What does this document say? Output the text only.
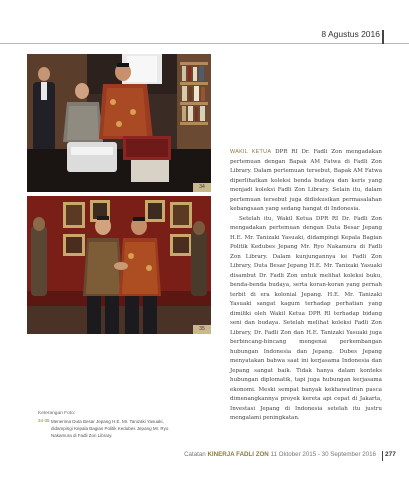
8 Agustus 2016
34
35

WAKIL KETUA DPR RI Dr. Fadli Zon mengadakan pertemuan dengan Bapak AM Fatwa di Fadli Zon Library. Dalam pertemuan tersebut, Bapak AM Fatwa diperlihatkan koleksi benda budaya dan keris yang menjadi koleksi Fadli Zon Library. Selain itu, dalam pertemuan tersebut juga didiskusikan permasalahan kebangsaan yang sedang hangat di Indonesia.

Setelah itu, Wakil Ketua DPR RI Dr. Fadli Zon mengadakan pertemuan dengan Duta Besar Jepang H.E. Mr. Tanizaki Yasuaki, didampingi Kepala Bagian Politik Kedubes Jepang Mr. Ryo Nakamura di Fadli Zon Library. Dalam kunjungannya ke Fadli Zon Library, Duta Besar Jepang H.E. Mr. Tanizaki Yasuaki disambut Dr. Fadli Zon untuk melihat koleksi buku, benda-benda budaya, serta koran-koran yang pernah terbit di era kolonial Jepang. H.E. Mr. Tanizaki Yasuaki sangat kagum terhadap perhatian yang dimiliki oleh Wakil Ketua DPR RI terhadap bidang seni dan budaya. Setelah melihat koleksi Fadli Zon Library, Dr. Fadli Zon dan H.E. Tanizaki Yasuaki juga berbincang-bincang mengenai perkembangan hubungan Indonesia dan Jepang. Dubes Jepang menyatakan bahwa saat ini kerjasama Indonesia dan Jepang sangat baik. Tidak hanya dalam konteks hubungan diplomatik, tapi juga hubungan kerjasama ekonomi. Meski sempat banyak kekhawatiran pasca dimenangkannya proyek kereta api cepat di Jakarta, Investasi Jepang di Indonesia setelah itu justru mengalami peningkatan.

Keterangan Foto:
34-35 Menerima Duta Besar Jepang H.E. Mr. Tanizaki Yasuaki, didampingi Kepala Bagian Politik Kedubes Jepang Mr. Ryo Nakamura di Fadli Zon Library.
Catatan KINERJA FADLI ZON 11 Oktober 2015 - 30 September 2016 277
